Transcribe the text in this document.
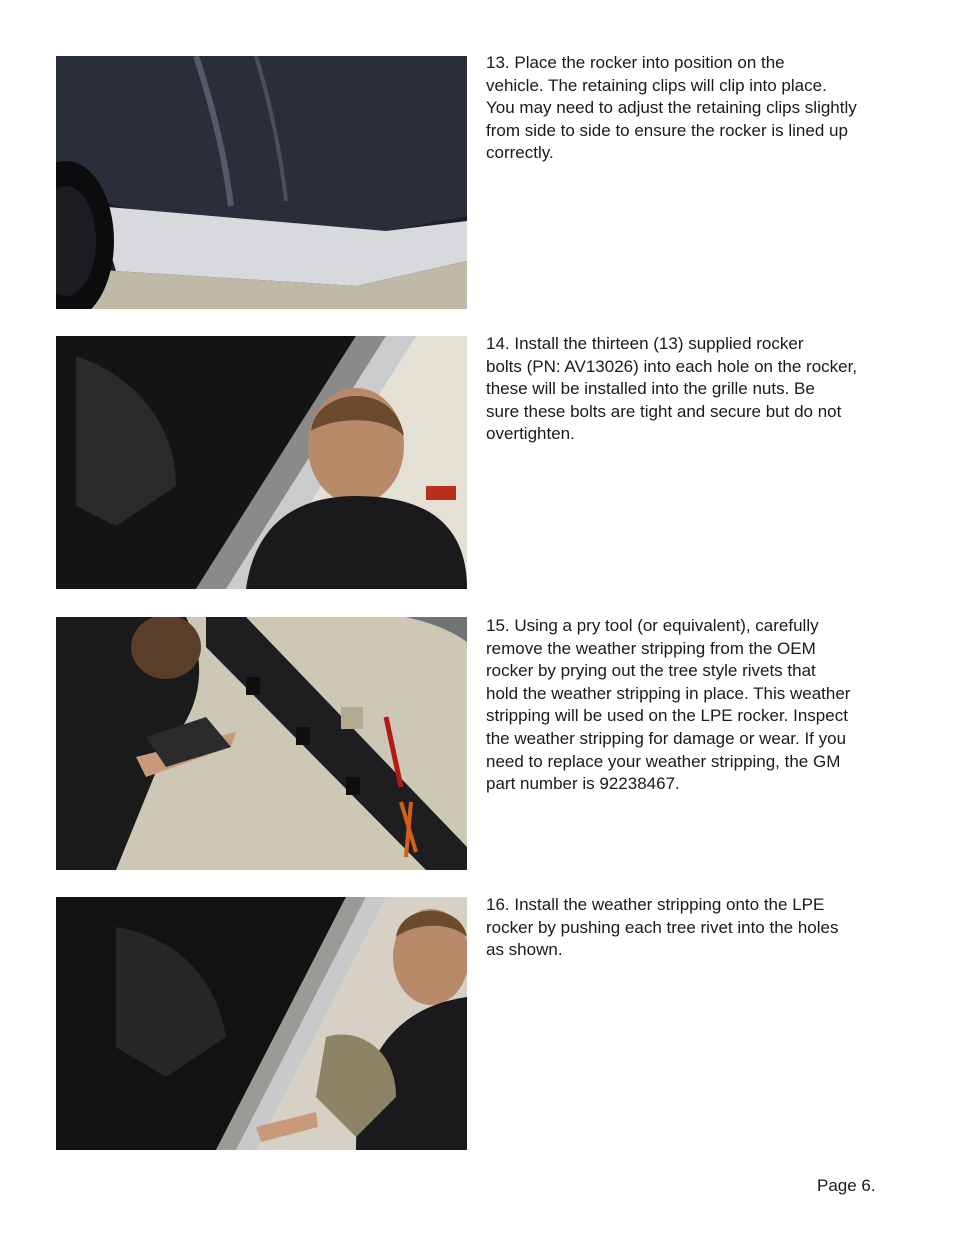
13. Place the rocker into position on the
vehicle. The retaining clips will clip into place.
You may need to adjust the retaining clips slightly
from side to side to ensure the rocker is lined up
correctly.

14. Install the thirteen (13) supplied rocker
bolts (PN: AV13026) into each hole on the rocker,
these will be installed into the grille nuts. Be
sure these bolts are tight and secure but do not
overtighten.

15. Using a pry tool (or equivalent), carefully
remove the weather stripping from the OEM
rocker by prying out the tree style rivets that
hold the weather stripping in place. This weather
stripping will be used on the LPE rocker. Inspect
the weather stripping for damage or wear. If you
need to replace your weather stripping, the GM
part number is 92238467.

16. Install the weather stripping onto the LPE
rocker by pushing each tree rivet into the holes
as shown.

Page 6.
